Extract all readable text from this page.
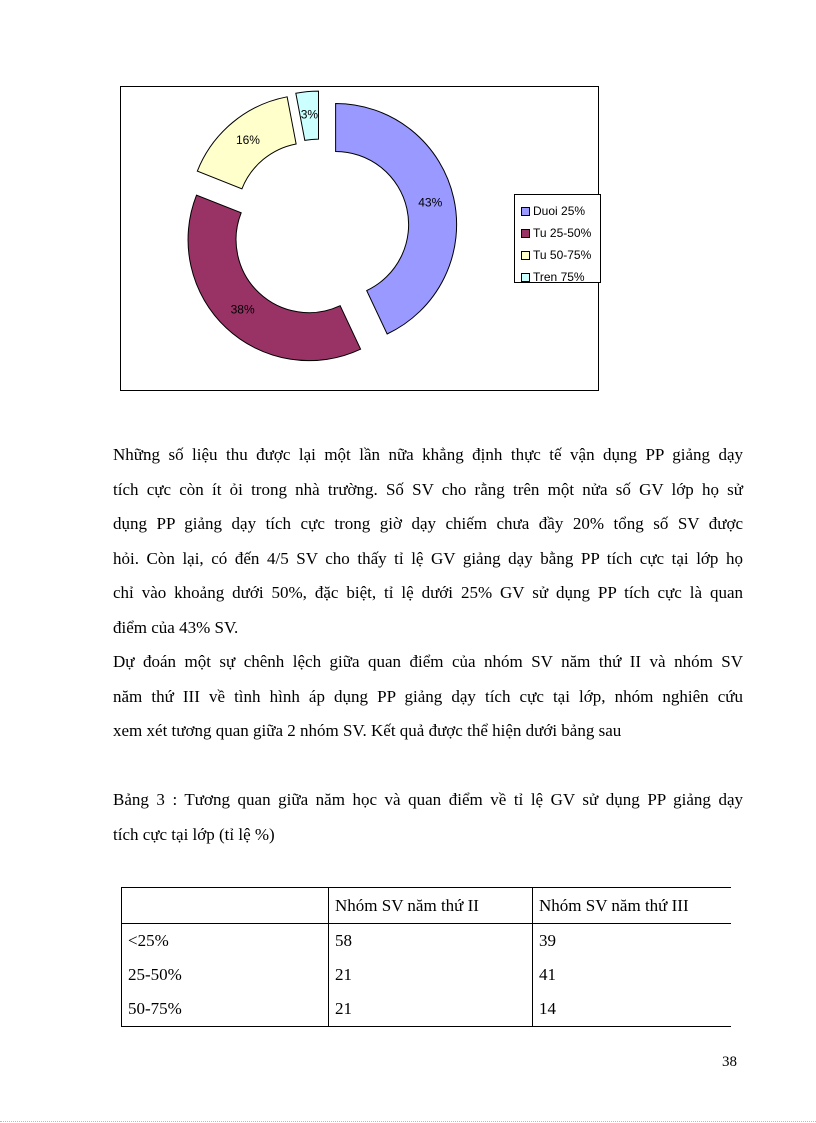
43%
38%
16%
3%
Duoi 25%
Tu 25-50%
Tu 50-75%
Tren 75%
Những số liệu thu được lại một lần nữa khẳng định thực tế vận dụng PP giảng dạy
tích cực còn ít ỏi trong nhà trường. Số SV cho rằng trên một nửa số GV lớp họ sử
dụng PP giảng dạy tích cực trong giờ dạy chiếm chưa đầy 20% tổng số SV được
hỏi. Còn lại, có đến 4/5 SV cho thấy tỉ lệ GV giảng dạy bằng PP tích cực tại lớp họ
chỉ vào khoảng dưới 50%, đặc biệt, tỉ lệ dưới 25% GV sử dụng PP tích cực là quan
điểm của 43% SV.
Dự đoán một sự chênh lệch giữa quan điểm của nhóm SV năm thứ II và nhóm SV
năm thứ III về tình hình áp dụng PP giảng dạy tích cực tại lớp, nhóm nghiên cứu
xem xét tương quan giữa 2 nhóm SV. Kết quả được thể hiện dưới bảng sau
Bảng 3 : Tương quan giữa năm học và quan điểm về tỉ lệ GV sử dụng PP giảng dạy
tích cực tại lớp (tỉ lệ %)
	Nhóm SV năm thứ II	Nhóm SV năm thứ III
<25%	58	39
25-50%	21	41
50-75%	21	14
38
